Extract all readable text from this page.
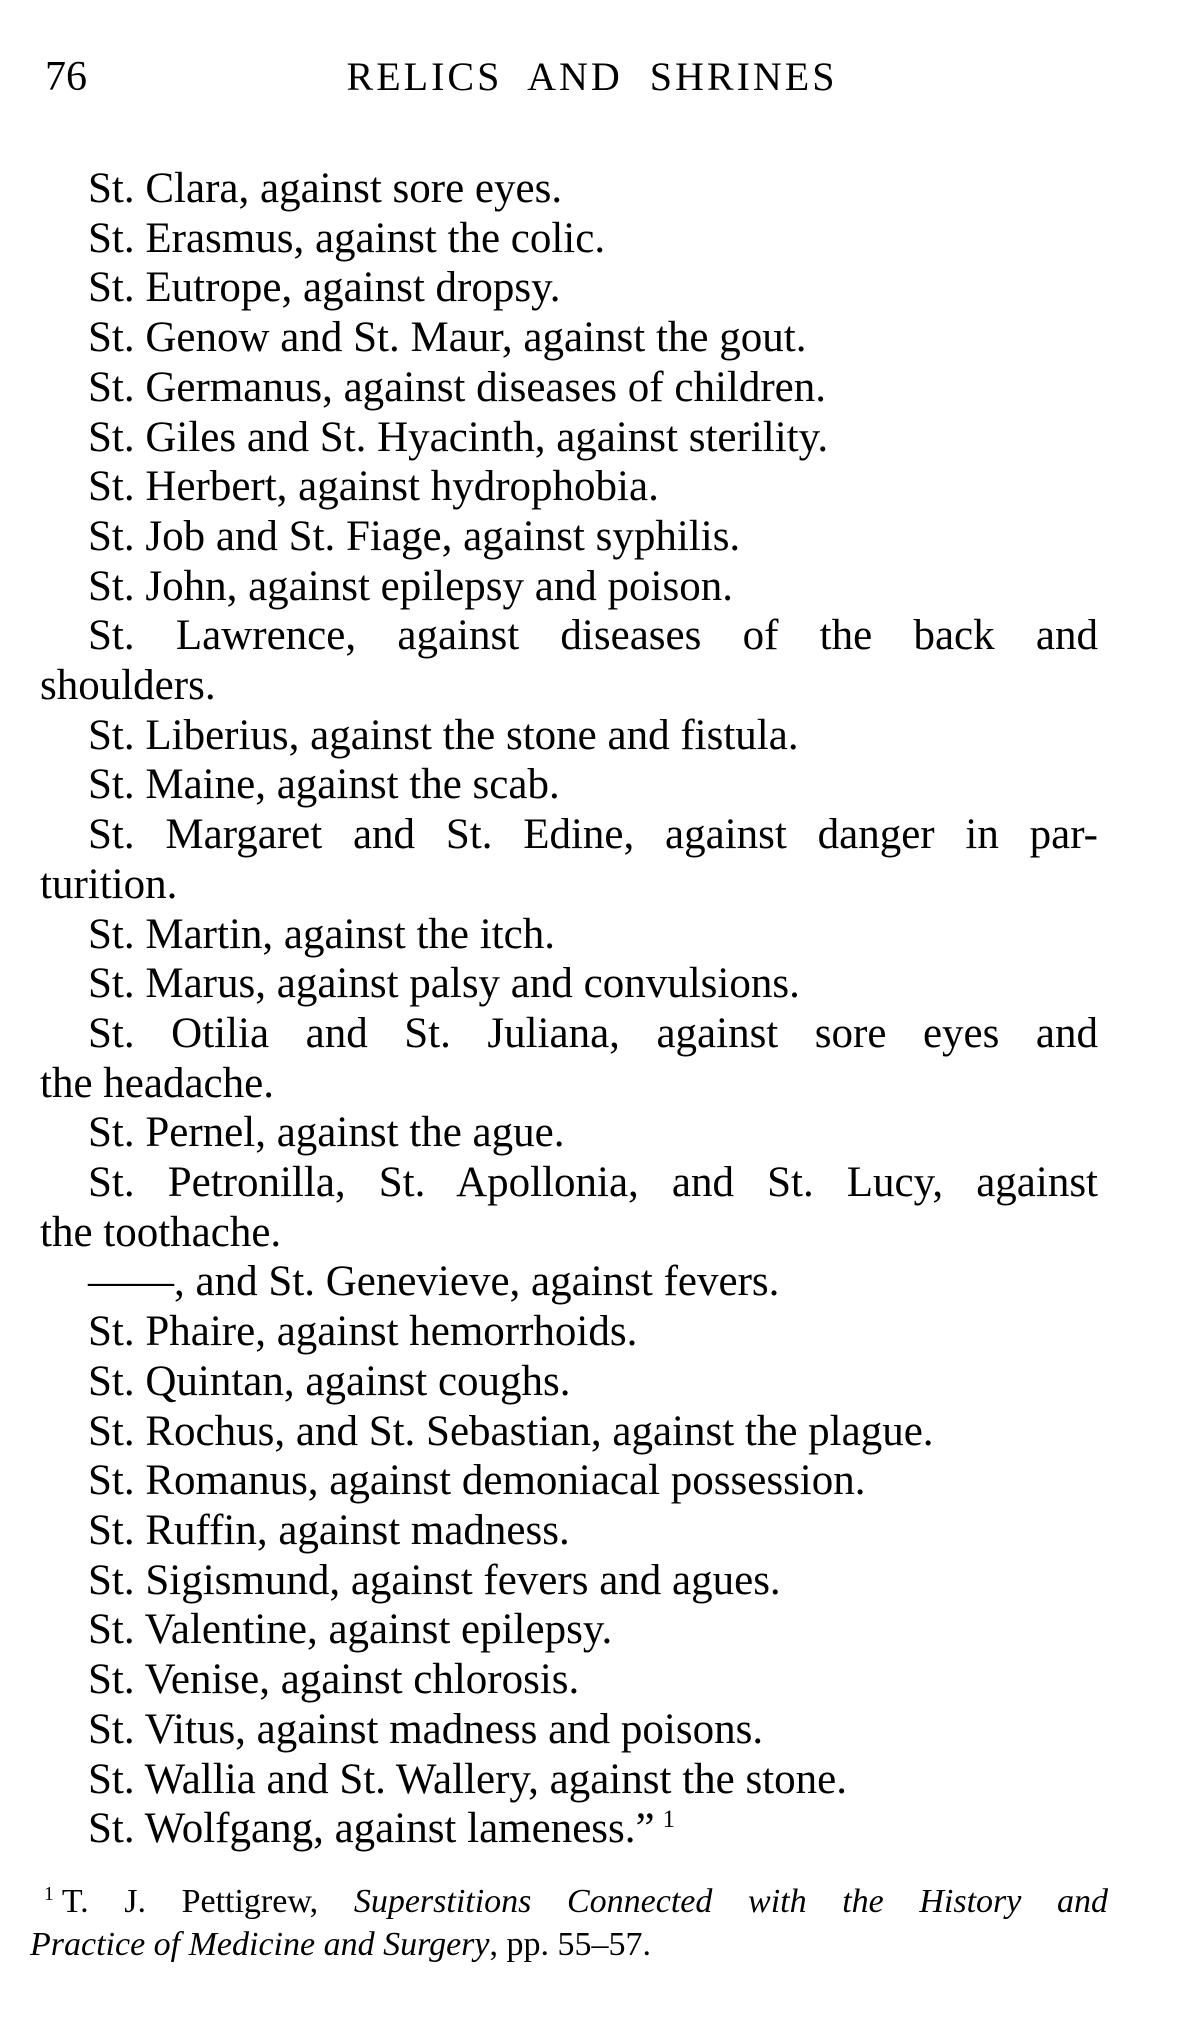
76	RELICS AND SHRINES

St. Clara, against sore eyes.

St. Erasmus, against the colic.

St. Eutrope, against dropsy.

St. Genow and St. Maur, against the gout.

St. Germanus, against diseases of children.

St. Giles and St. Hyacinth, against sterility.

St. Herbert, against hydrophobia.

St. Job and St. Fiage, against syphilis.

St. John, against epilepsy and poison.

St. Lawrence, against diseases of the back and

shoulders.

St. Liberius, against the stone and fistula.

St. Maine, against the scab.

St. Margaret and St. Edine, against danger in par-

turition.

St. Martin, against the itch.

St. Marus, against palsy and convulsions.

St. Otilia and St. Juliana, against sore eyes and

the headache.

St. Pernel, against the ague.

St. Petronilla, St. Apollonia, and St. Lucy, against

the toothache.

——, and St. Genevieve, against fevers.

St. Phaire, against hemorrhoids.

St. Quintan, against coughs.

St. Rochus, and St. Sebastian, against the plague.

St. Romanus, against demoniacal possession.

St. Ruffin, against madness.

St. Sigismund, against fevers and agues.

St. Valentine, against epilepsy.

St. Venise, against chlorosis.

St. Vitus, against madness and poisons.

St. Wallia and St. Wallery, against the stone.

St. Wolfgang, against lameness.” $^1$

$^1$ T. J. Pettigrew, Superstitions Connected with the History and

Practice of Medicine and Surgery, pp. 55–57.
